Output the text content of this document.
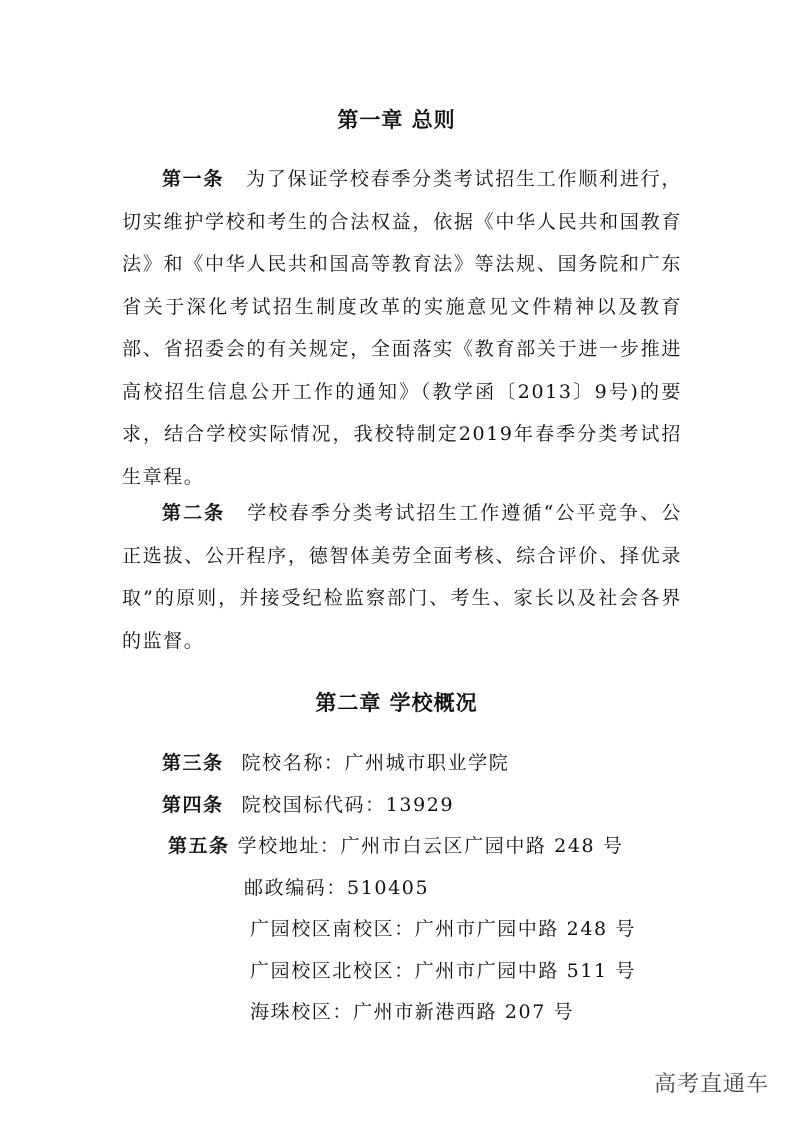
第一章 总则

第一条 为了保证学校春季分类考试招生工作顺利进行，切实维护学校和考生的合法权益，依据《中华人民共和国教育法》和《中华人民共和国高等教育法》等法规、国务院和广东省关于深化考试招生制度改革的实施意见文件精神以及教育部、省招委会的有关规定，全面落实《教育部关于进一步推进高校招生信息公开工作的通知》（教学函〔2013〕9号)的要求，结合学校实际情况，我校特制定2019年春季分类考试招生章程。

第二条 学校春季分类考试招生工作遵循“公平竞争、公正选拔、公开程序，德智体美劳全面考核、综合评价、择优录取”的原则，并接受纪检监察部门、考生、家长以及社会各界的监督。

第二章 学校概况
第三条 院校名称：广州城市职业学院
第四条 院校国标代码：13929
第五条 学校地址：广州市白云区广园中路 248 号
邮政编码：510405
广园校区南校区：广州市广园中路 248 号
广园校区北校区：广州市广园中路 511 号
海珠校区：广州市新港西路 207 号
高考直通车
